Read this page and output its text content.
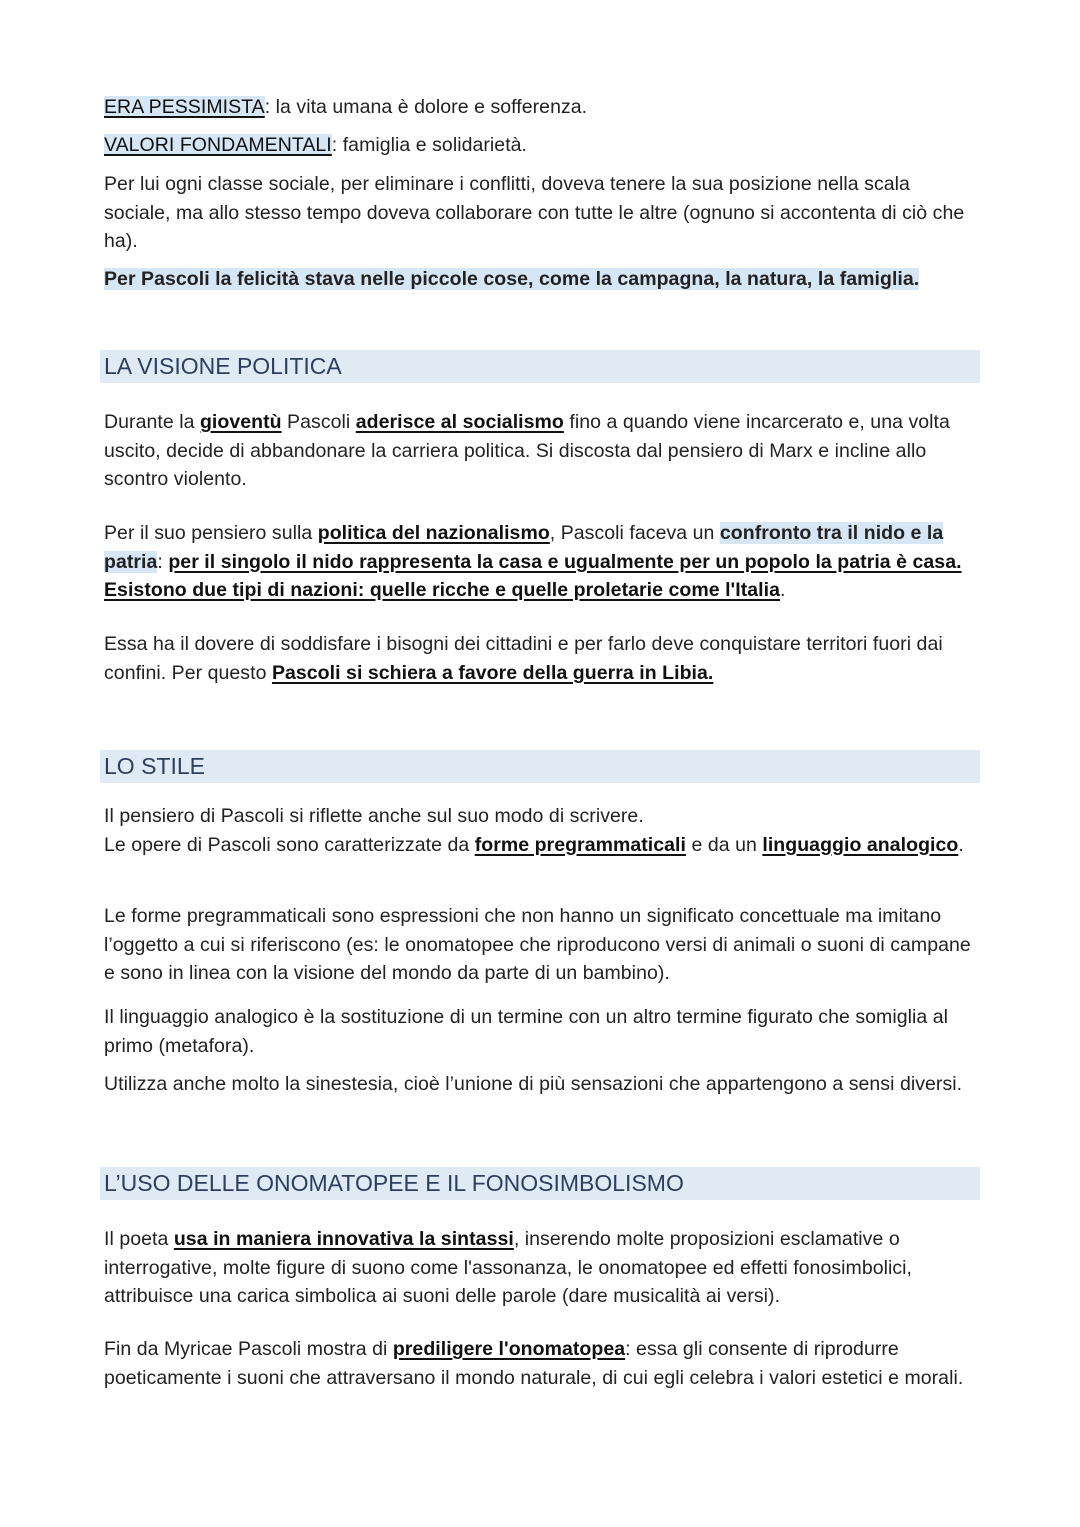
ERA PESSIMISTA: la vita umana è dolore e sofferenza.

VALORI FONDAMENTALI: famiglia e solidarietà.

Per lui ogni classe sociale, per eliminare i conflitti, doveva tenere la sua posizione nella scala sociale, ma allo stesso tempo doveva collaborare con tutte le altre (ognuno si accontenta di ciò che ha).

Per Pascoli la felicità stava nelle piccole cose, come la campagna, la natura, la famiglia.

LA VISIONE POLITICA

Durante la gioventù Pascoli aderisce al socialismo fino a quando viene incarcerato e, una volta uscito, decide di abbandonare la carriera politica. Si discosta dal pensiero di Marx e incline allo scontro violento.

Per il suo pensiero sulla politica del nazionalismo, Pascoli faceva un confronto tra il nido e la patria: per il singolo il nido rappresenta la casa e ugualmente per un popolo la patria è casa. Esistono due tipi di nazioni: quelle ricche e quelle proletarie come l'Italia.

Essa ha il dovere di soddisfare i bisogni dei cittadini e per farlo deve conquistare territori fuori dai confini. Per questo Pascoli si schiera a favore della guerra in Libia.

LO STILE

Il pensiero di Pascoli si riflette anche sul suo modo di scrivere.
Le opere di Pascoli sono caratterizzate da forme pregrammaticali e da un linguaggio analogico.

Le forme pregrammaticali sono espressioni che non hanno un significato concettuale ma imitano l’oggetto a cui si riferiscono (es: le onomatopee che riproducono versi di animali o suoni di campane e sono in linea con la visione del mondo da parte di un bambino).

Il linguaggio analogico è la sostituzione di un termine con un altro termine figurato che somiglia al primo (metafora).

Utilizza anche molto la sinestesia, cioè l’unione di più sensazioni che appartengono a sensi diversi.

L’USO DELLE ONOMATOPEE E IL FONOSIMBOLISMO

Il poeta usa in maniera innovativa la sintassi, inserendo molte proposizioni esclamative o interrogative, molte figure di suono come l'assonanza, le onomatopee ed effetti fonosimbolici, attribuisce una carica simbolica ai suoni delle parole (dare musicalità ai versi).

Fin da Myricae Pascoli mostra di prediligere l'onomatopea: essa gli consente di riprodurre poeticamente i suoni che attraversano il mondo naturale, di cui egli celebra i valori estetici e morali.
